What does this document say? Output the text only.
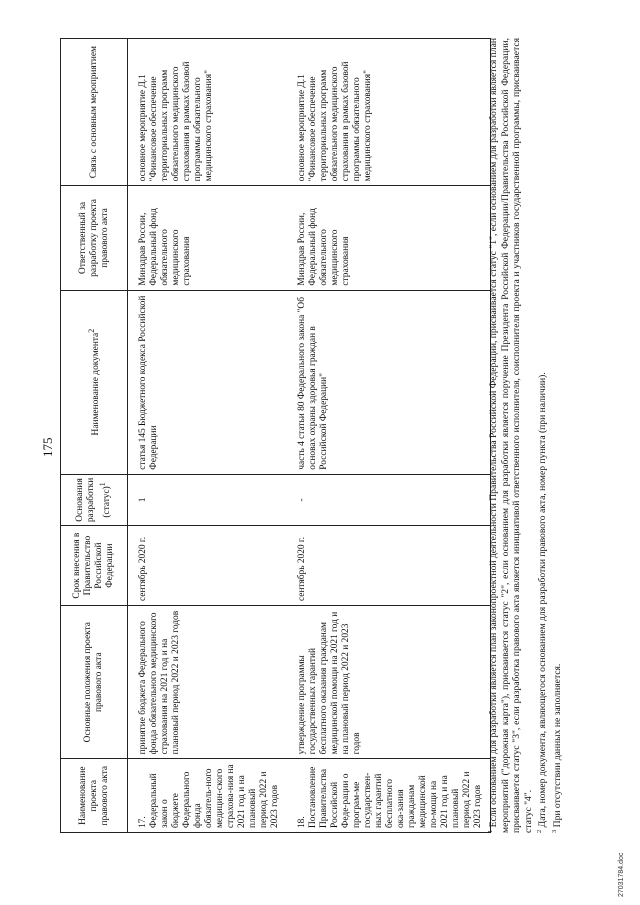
175
Наименование проекта правового акта	Основные положения проекта правового акта	Срок внесения в Правительство Российской Федерации	Основания разработки (статус)$^1$	Наименование документа$^2$	Ответственный за разработку проекта правового акта	Связь с основным мероприятием
17. Федеральный закон о бюджете Федерального фонда обязатель-ного медицин-ского страхова-ния на 2021 год и на плановый период 2022 и 2023 годов	принятие бюджета Федерального фонда обязательного медицинского страхования на 2021 год и на плановый период 2022 и 2023 годов	сентябрь 2020 г.	1	статья 145 Бюджетного кодекса Российской Федерации	Минздрав России, Федеральный фонд обязательного медицинского страхования	основное мероприятие Д.1 "Финансовое обеспечение территориальных программ обязательного медицинского страхования в рамках базовой программы обязательного медицинского страхования"
18. Постановление Правительства Российской Феде-рации о програм-ме государствен-ных гарантий бесплатного ока-зания гражданам медицинской по-мощи на 2021 год и на плановый период 2022 и 2023 годов	утверждение программы государственных гарантий бесплатного оказания гражданам медицинской помощи на 2021 год и на плановый период 2022 и 2023 годов	сентябрь 2020 г.	-	часть 4 статьи 80 Федерального закона "Об основах охраны здоровья граждан в Российской Федерации"	Минздрав России, Федеральный фонд обязательного медицинского страхования	основное мероприятие Д.1 "Финансовое обеспечение территориальных программ обязательного медицинского страхования в рамках базовой программы обязательного медицинского страхования"

$^1$ Если основанием для разработки является план законопроектной деятельности Правительства Российской Федерации, присваивается статус "1", если основанием для разработки является план мероприятий ("дорожная карта"), присваивается статус "2", если основанием для разработки является поручение Президента Российской Федерации/Правительства Российской Федерации, присваивается статус "3", если разработка правового акта является инициативой ответственного исполнителя, соисполнителя проекта и участников государственной программы, присваивается статус "4". $^2$ Дата, номер документа, являющегося основанием для разработки правового акта, номер пункта (при наличии).

$^3$ При отсутствии данных не заполняется.

27031784.doc
